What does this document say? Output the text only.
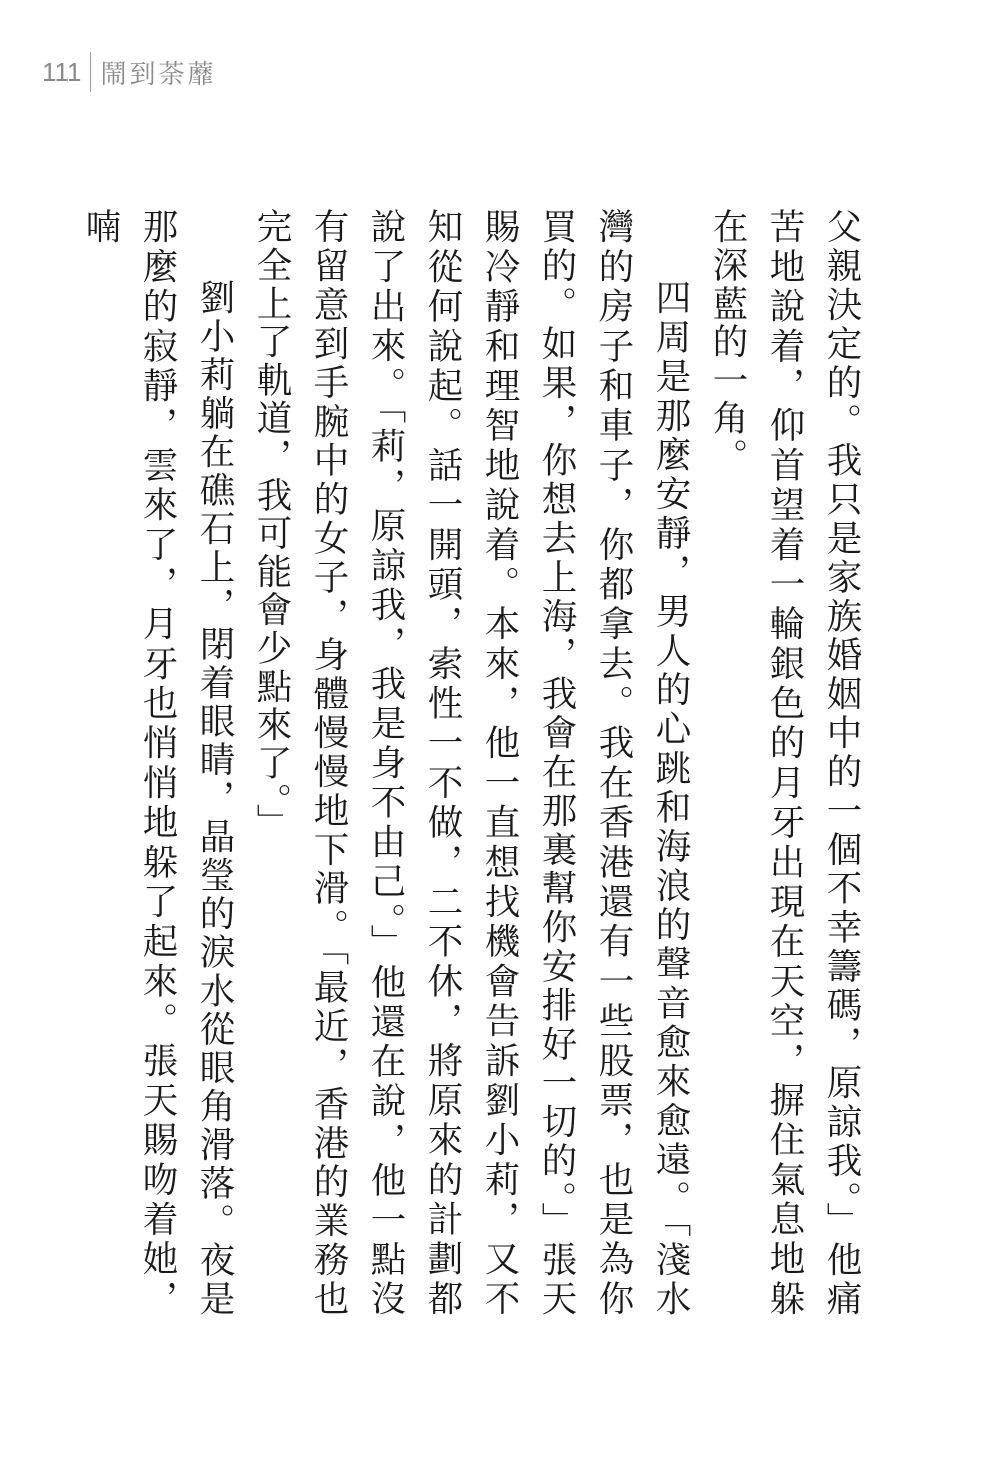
111 鬧到荼蘼

父親決定的。我只是家族婚姻中的一個不幸籌碼，原諒我。」他痛苦地說着，仰首望着一輪銀色的月牙出現在天空，摒住氣息地躲在深藍的一角。

四周是那麼安靜，男人的心跳和海浪的聲音愈來愈遠。「淺水灣的房子和車子，你都拿去。我在香港還有一些股票，也是為你買的。如果，你想去上海，我會在那裏幫你安排好一切的。」張天賜冷靜和理智地說着。本來，他一直想找機會告訴劉小莉，又不知從何說起。話一開頭，索性一不做，二不休，將原來的計劃都說了出來。「莉，原諒我，我是身不由己。」他還在說，他一點沒有留意到手腕中的女子，身體慢慢地下滑。「最近，香港的業務也完全上了軌道，我可能會少點來了。」

劉小莉躺在礁石上，閉着眼睛，晶瑩的淚水從眼角滑落。夜是那麼的寂靜，雲來了，月牙也悄悄地躲了起來。張天賜吻着她，喃
